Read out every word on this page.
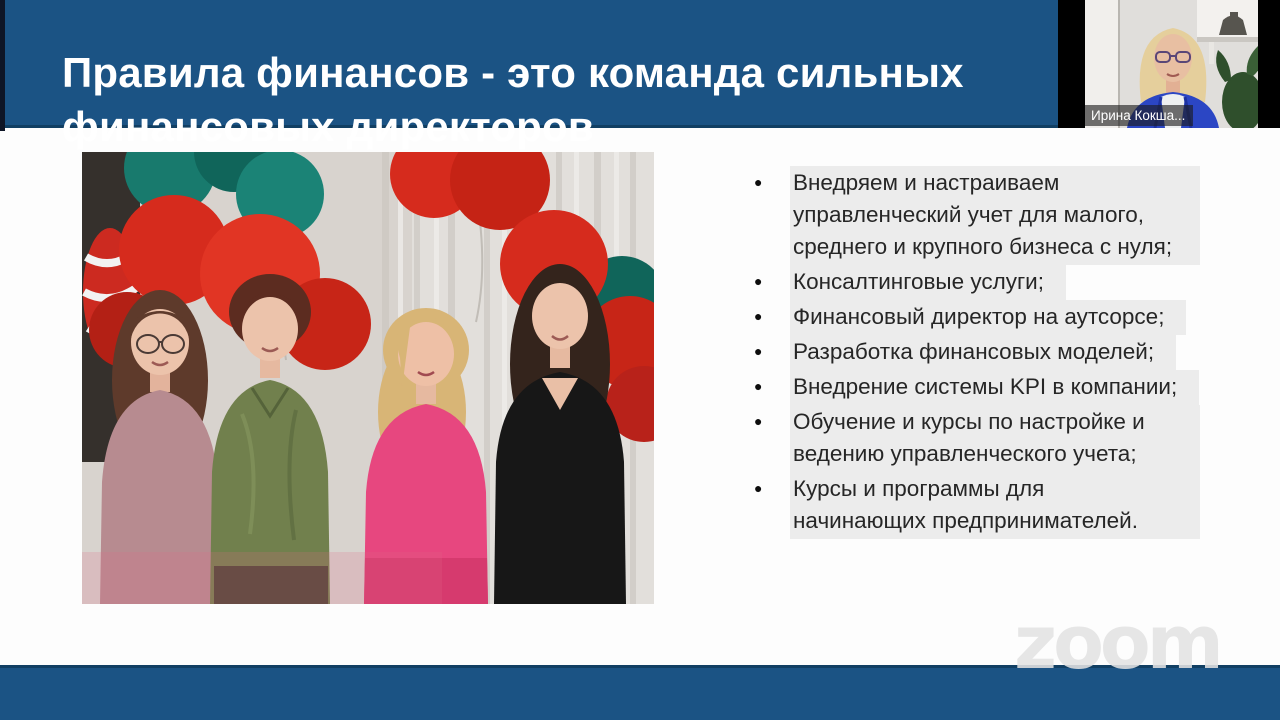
Правила финансов - это команда сильных финансовых директоров
●	Внедряем и настраиваем управленческий учет для малого, среднего и крупного бизнеса с нуля;
●	Консалтинговые услуги;
●	Финансовый директор на аутсорсе;
●	Разработка финансовых моделей;
●	Внедрение системы KPI в компании;
●	Обучение и курсы по настройке и ведению управленческого учета;
●	Курсы и программы для начинающих предпринимателей.
zoom
Ирина Кокша...
